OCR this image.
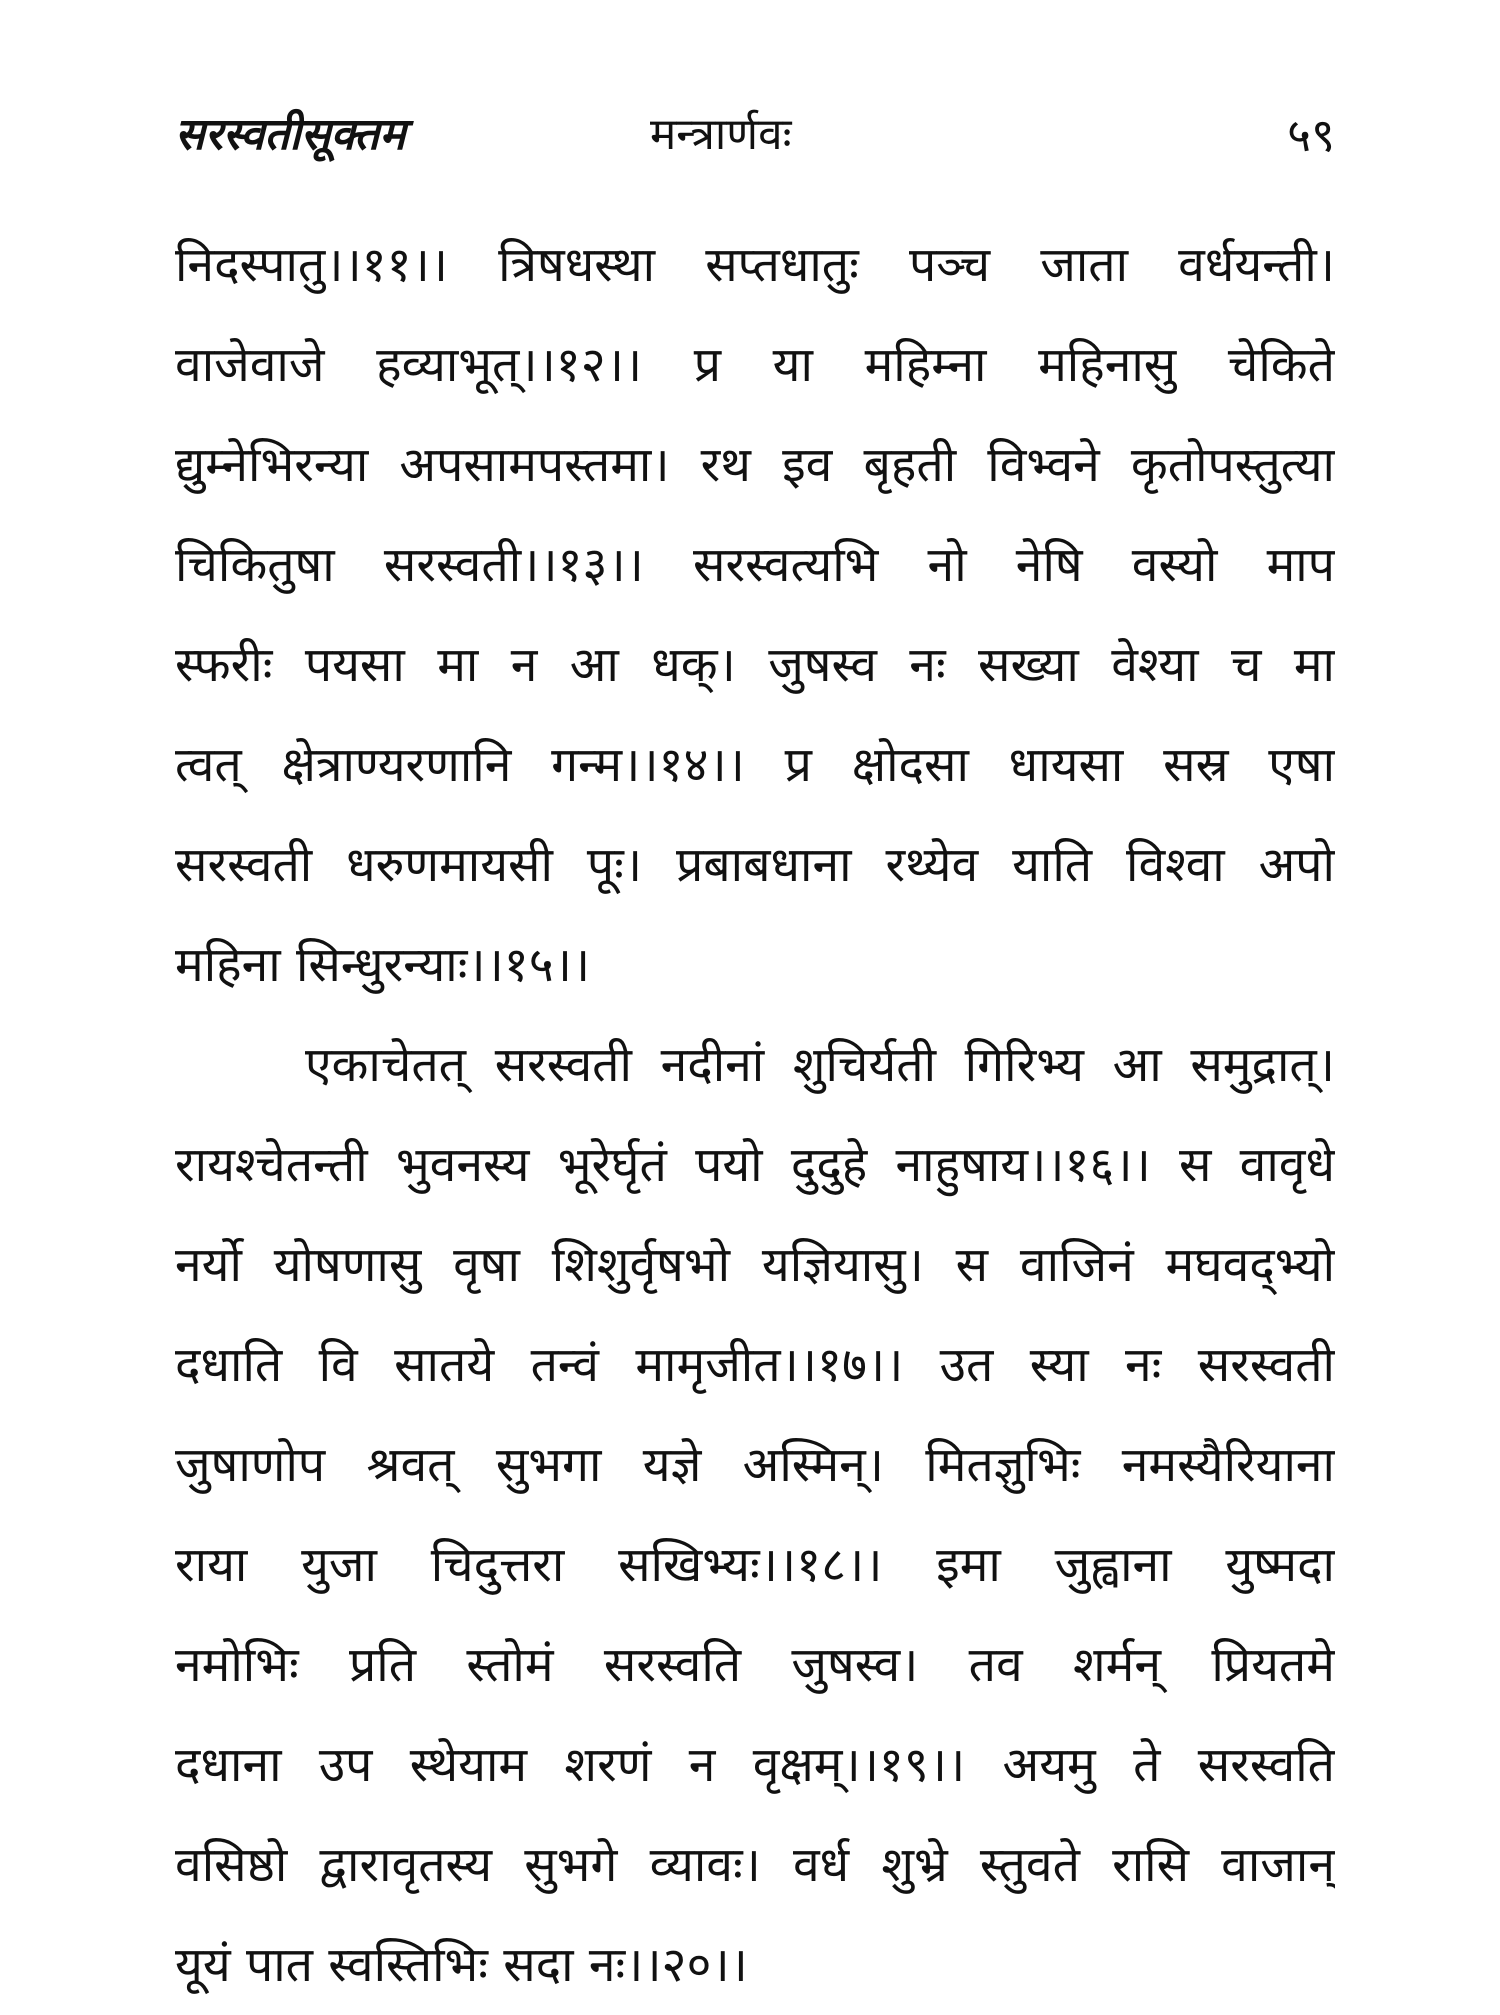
सरस्वतीसूक्तम	मन्त्रार्णवः	५९
निदस्पातु।।११।। त्रिषधस्था सप्तधातुः पञ्च जाता वर्धयन्ती।
वाजेवाजे हव्याभूत्।।१२।। प्र या महिम्ना महिनासु चेकिते
द्युम्नेभिरन्या अपसामपस्तमा। रथ इव बृहती विभ्वने कृतोपस्तुत्या
चिकितुषा सरस्वती।।१३।। सरस्वत्यभि नो नेषि वस्यो माप
स्फरीः पयसा मा न आ धक्। जुषस्व नः सख्या वेश्या च मा
त्वत् क्षेत्राण्यरणानि गन्म।।१४।। प्र क्षोदसा धायसा सस्र एषा
सरस्वती धरुणमायसी पूः। प्रबाबधाना रथ्येव याति विश्वा अपो
महिना सिन्धुरन्याः।।१५।।
एकाचेतत् सरस्वती नदीनां शुचिर्यती गिरिभ्य आ समुद्रात्।
रायश्चेतन्ती भुवनस्य भूरेर्घृतं पयो दुदुहे नाहुषाय।।१६।। स वावृधे
नर्यो योषणासु वृषा शिशुर्वृषभो यज्ञियासु। स वाजिनं मघवद्भ्यो
दधाति वि सातये तन्वं मामृजीत।।१७।। उत स्या नः सरस्वती
जुषाणोप श्रवत् सुभगा यज्ञे अस्मिन्। मितज्ञुभिः नमस्यैरियाना
राया युजा चिदुत्तरा सखिभ्यः।।१८।। इमा जुह्वाना युष्मदा
नमोभिः प्रति स्तोमं सरस्वति जुषस्व। तव शर्मन् प्रियतमे
दधाना उप स्थेयाम शरणं न वृक्षम्।।१९।। अयमु ते सरस्वति
वसिष्ठो द्वारावृतस्य सुभगे व्यावः। वर्ध शुभ्रे स्तुवते रासि वाजान्
यूयं पात स्वस्तिभिः सदा नः।।२०।।
